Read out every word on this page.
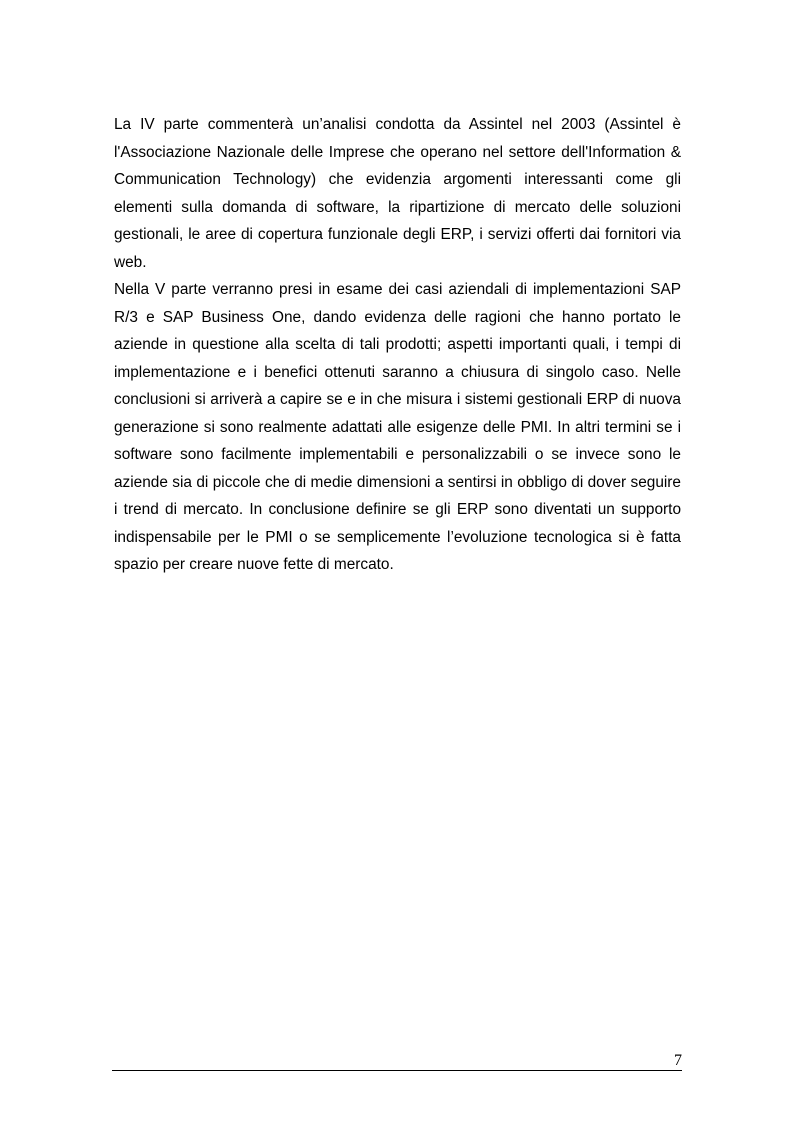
La IV parte commenterà un’analisi condotta da Assintel nel 2003 (Assintel è l'Associazione Nazionale delle Imprese che operano nel settore dell'Information & Communication Technology) che evidenzia argomenti interessanti come gli elementi sulla domanda di software, la ripartizione di mercato delle soluzioni gestionali, le aree di copertura funzionale degli ERP, i servizi offerti dai fornitori via web.

Nella V parte verranno presi in esame dei casi aziendali di implementazioni SAP R/3 e SAP Business One, dando evidenza delle ragioni che hanno portato le aziende in questione alla scelta di tali prodotti; aspetti importanti quali, i tempi di implementazione e i benefici ottenuti saranno a chiusura di singolo caso. Nelle conclusioni si arriverà a capire se e in che misura i sistemi gestionali ERP di nuova generazione si sono realmente adattati alle esigenze delle PMI. In altri termini se i software sono facilmente implementabili e personalizzabili o se invece sono le aziende sia di piccole che di medie dimensioni a sentirsi in obbligo di dover seguire i trend di mercato. In conclusione definire se gli ERP sono diventati un supporto indispensabile per le PMI o se semplicemente l’evoluzione tecnologica si è fatta spazio per creare nuove fette di mercato.

7
